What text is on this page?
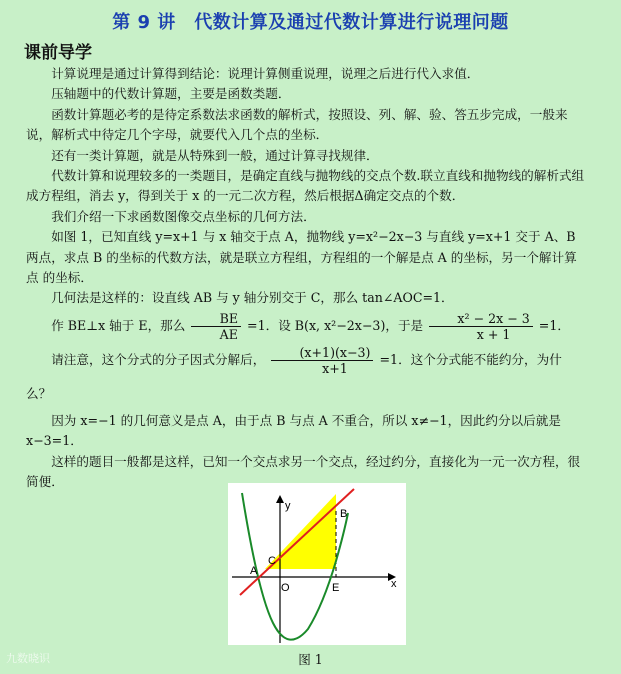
第 9 讲　代数计算及通过代数计算进行说理问题
课前导学

计算说理是通过计算得到结论：说理计算侧重说理，说理之后进行代入求值．

压轴题中的代数计算题，主要是函数类题．

函数计算题必考的是待定系数法求函数的解析式，按照设、列、解、验、答五步完成，一般来说，解析式中待定几个字母，就要代入几个点的坐标．

还有一类计算题，就是从特殊到一般，通过计算寻找规律．

代数计算和说理较多的一类题目，是确定直线与抛物线的交点个数.联立直线和抛物线的解析式组成方程组，消去 y，得到关于 x 的一元二次方程，然后根据Δ确定交点的个数．

我们介绍一下求函数图像交点坐标的几何方法．

如图 1，已知直线 y=x+1 与 x 轴交于点 A，抛物线 y=x²−2x−3 与直线 y=x+1 交于 A、B 两点，求点 B 的坐标的代数方法，就是联立方程组，方程组的一个解是点 A 的坐标，另一个解计算点 的坐标．

几何法是这样的：设直线 AB 与 y 轴分别交于 C，那么 tan∠AOC=1．

作 BE⊥x 轴于 E，那么 $\frac{BE}{AE} =1$．设 B(x, x²−2x−3)，于是 $\frac{\text{x² − 2x − 3}}{x + 1} =1$．

请注意，这个分式的分子因式分解后， $\frac{(x+1)(x-3)}{x+1} =1$．这个分式能不能约分，为什么？

因为 x=−1 的几何意义是点 A，由于点 B 与点 A 不重合，所以 x≠−1，因此约分以后就是 x−3=1．

这样的题目一般都是这样，已知一个交点求另一个交点，经过约分，直接化为一元一次方程，很简便．

y
x
A
B
C
O	E
图 1
九数晓识
